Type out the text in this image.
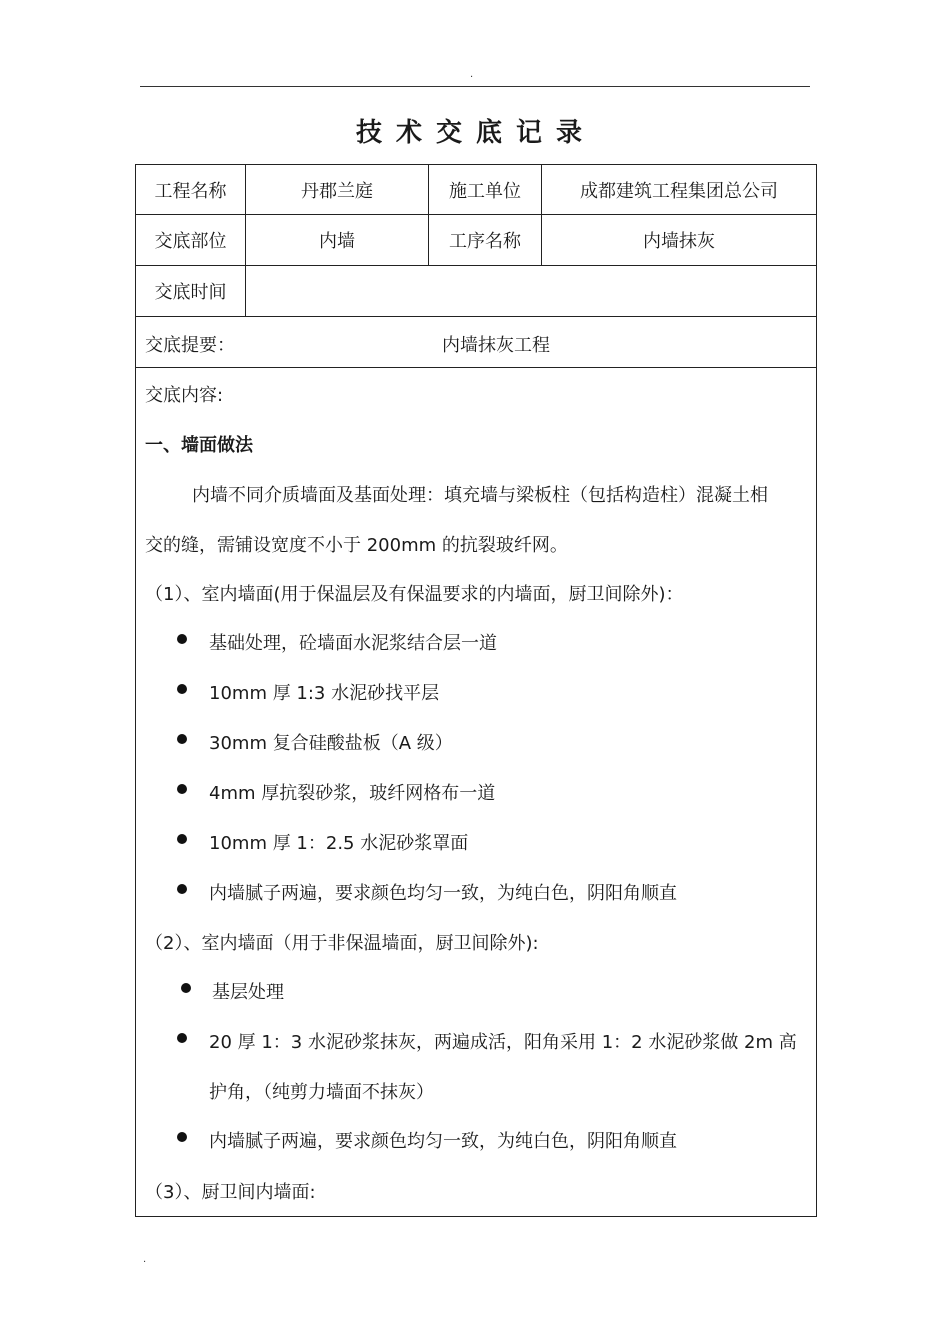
·
技术交底记录
工程名称	丹郡兰庭	施工单位	成都建筑工程集团总公司
交底部位	内墙	工序名称	内墙抹灰
交底时间
交底提要：	内墙抹灰工程
交底内容:
一、墙面做法
内墙不同介质墙面及基面处理：填充墙与梁板柱（包括构造柱）混凝土相
交的缝，需铺设宽度不小于 200mm 的抗裂玻纤网。
（1）、室内墙面(用于保温层及有保温要求的内墙面，厨卫间除外)：
基础处理，砼墙面水泥浆结合层一道
10mm 厚 1:3 水泥砂找平层
30mm 复合硅酸盐板（A 级）
4mm 厚抗裂砂浆，玻纤网格布一道
10mm 厚 1：2.5 水泥砂浆罩面
内墙腻子两遍，要求颜色均匀一致，为纯白色，阴阳角顺直
（2）、室内墙面（用于非保温墙面，厨卫间除外):
基层处理
20 厚 1：3 水泥砂浆抹灰，两遍成活，阳角采用 1：2 水泥砂浆做 2m 高
护角，（纯剪力墙面不抹灰）
内墙腻子两遍，要求颜色均匀一致，为纯白色，阴阳角顺直
（3）、厨卫间内墙面:
.
